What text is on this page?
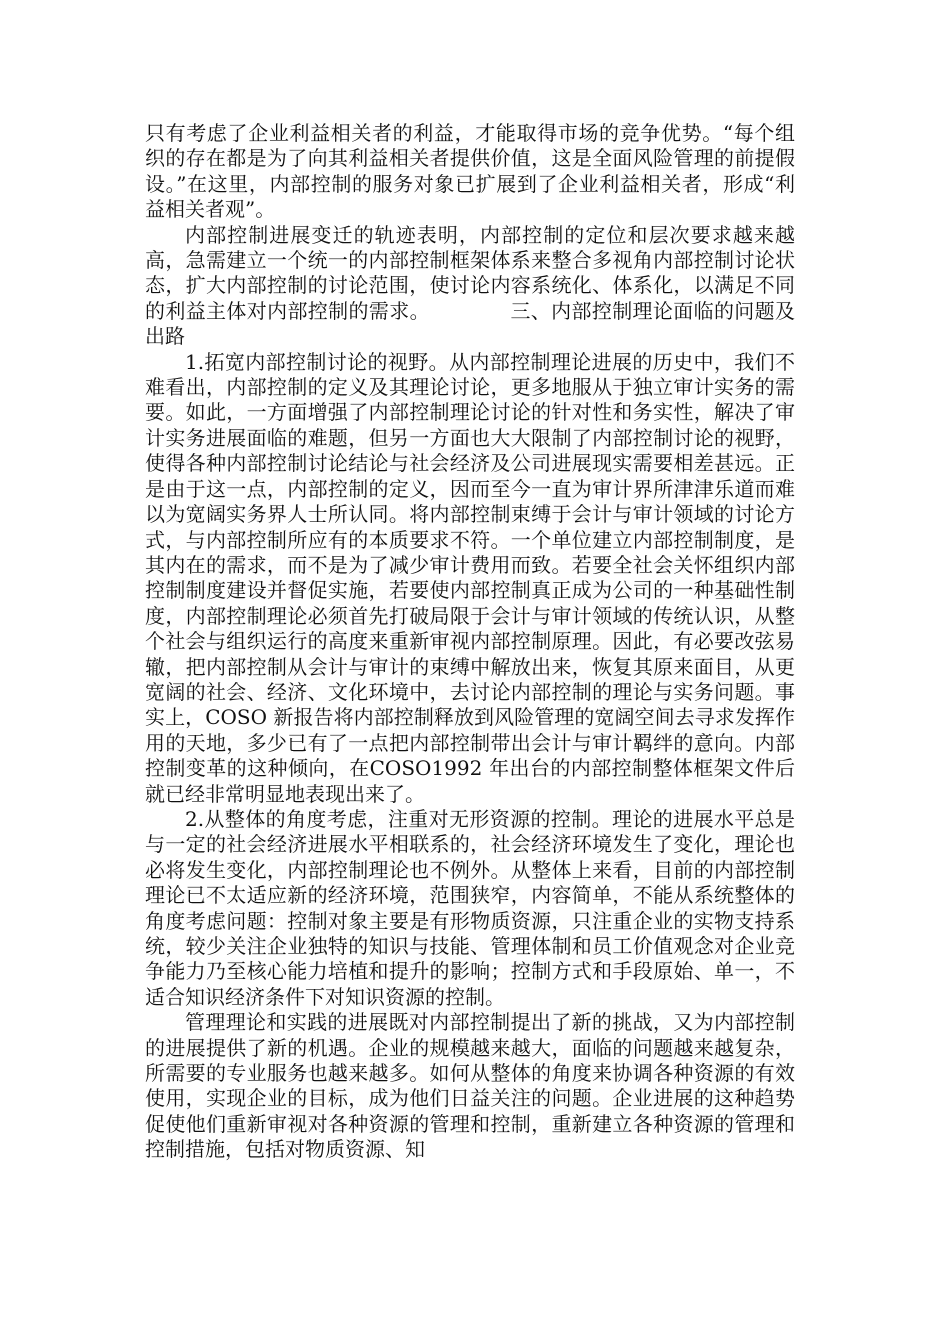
只有考虑了企业利益相关者的利益，才能取得市场的竞争优势。“每个组织的存在都是为了向其利益相关者提供价值，这是全面风险管理的前提假设。”在这里，内部控制的服务对象已扩展到了企业利益相关者，形成“利益相关者观”。

内部控制进展变迁的轨迹表明，内部控制的定位和层次要求越来越高，急需建立一个统一的内部控制框架体系来整合多视角内部控制讨论状态，扩大内部控制的讨论范围，使讨论内容系统化、体系化，以满足不同的利益主体对内部控制的需求。	三、内部控制理论面临的问题及出路

1.拓宽内部控制讨论的视野。从内部控制理论进展的历史中，我们不难看出，内部控制的定义及其理论讨论，更多地服从于独立审计实务的需要。如此，一方面增强了内部控制理论讨论的针对性和务实性，解决了审计实务进展面临的难题，但另一方面也大大限制了内部控制讨论的视野，使得各种内部控制讨论结论与社会经济及公司进展现实需要相差甚远。正是由于这一点，内部控制的定义，因而至今一直为审计界所津津乐道而难以为宽阔实务界人士所认同。将内部控制束缚于会计与审计领域的讨论方式，与内部控制所应有的本质要求不符。一个单位建立内部控制制度，是其内在的需求，而不是为了减少审计费用而致。若要全社会关怀组织内部控制制度建设并督促实施，若要使内部控制真正成为公司的一种基础性制度，内部控制理论必须首先打破局限于会计与审计领域的传统认识，从整个社会与组织运行的高度来重新审视内部控制原理。因此，有必要改弦易辙，把内部控制从会计与审计的束缚中解放出来，恢复其原来面目，从更宽阔的社会、经济、文化环境中，去讨论内部控制的理论与实务问题。事实上，COSO 新报告将内部控制释放到风险管理的宽阔空间去寻求发挥作用的天地，多少已有了一点把内部控制带出会计与审计羁绊的意向。内部控制变革的这种倾向，在COSO1992 年出台的内部控制整体框架文件后就已经非常明显地表现出来了。

2.从整体的角度考虑，注重对无形资源的控制。理论的进展水平总是与一定的社会经济进展水平相联系的，社会经济环境发生了变化，理论也必将发生变化，内部控制理论也不例外。从整体上来看，目前的内部控制理论已不太适应新的经济环境，范围狭窄，内容简单，不能从系统整体的角度考虑问题：控制对象主要是有形物质资源，只注重企业的实物支持系统，较少关注企业独特的知识与技能、管理体制和员工价值观念对企业竞争能力乃至核心能力培植和提升的影响；控制方式和手段原始、单一，不适合知识经济条件下对知识资源的控制。

管理理论和实践的进展既对内部控制提出了新的挑战，又为内部控制的进展提供了新的机遇。企业的规模越来越大，面临的问题越来越复杂，所需要的专业服务也越来越多。如何从整体的角度来协调各种资源的有效使用，实现企业的目标，成为他们日益关注的问题。企业进展的这种趋势促使他们重新审视对各种资源的管理和控制，重新建立各种资源的管理和控制措施，包括对物质资源、知
